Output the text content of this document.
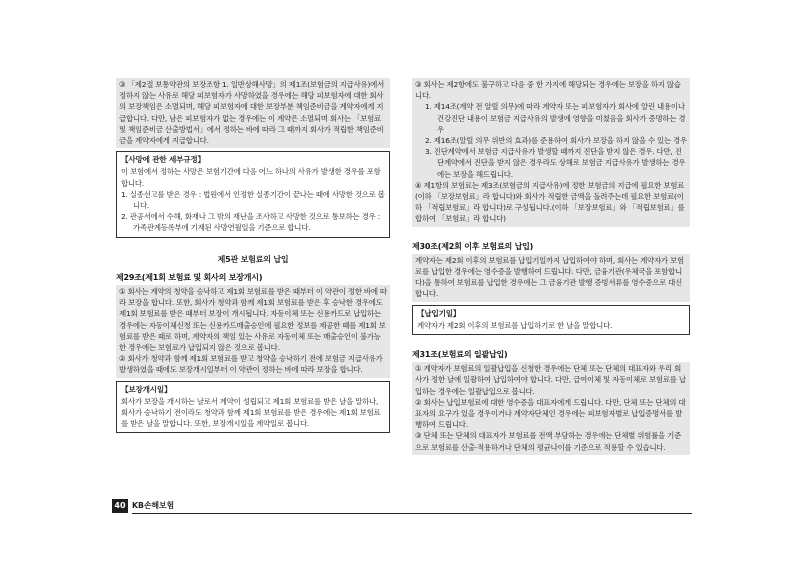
③ 「제2절 보통약관의 보장조항 1. 일반상해사망」의 제1조(보험금의 지급사유)에서 정하지 않는 사유로 해당 피보험자가 사망하였을 경우에는 해당 피보험자에 대한 회사의 보장책임은 소멸되며, 해당 피보험자에 대한 보장부분 책임준비금을 계약자에게 지급합니다. 다만, 남은 피보험자가 없는 경우에는 이 계약은 소멸되며 회사는 「보험료 및 책임준비금 산출방법서」에서 정하는 바에 따라 그 때까지 회사가 적립한 책임준비금을 계약자에게 지급합니다.

【사망에 관한 세부규정】

이 보험에서 정하는 사망은 보험기간에 다음 어느 하나의 사유가 발생한 경우를 포함합니다.

1. 실종선고를 받은 경우 : 법원에서 인정한 실종기간이 끝나는 때에 사망한 것으로 봅니다.
2. 관공서에서 수해, 화재나 그 밖의 재난을 조사하고 사망한 것으로 통보하는 경우 : 가족관계등록부에 기재된 사망연월일을 기준으로 합니다.
제5관 보험료의 납입
제29조(제1회 보험료 및 회사의 보장개시)

① 회사는 계약의 청약을 승낙하고 제1회 보험료를 받은 때부터 이 약관이 정한 바에 따라 보장을 합니다. 또한, 회사가 청약과 함께 제1회 보험료를 받은 후 승낙한 경우에도 제1회 보험료를 받은 때부터 보장이 개시됩니다. 자동이체 또는 신용카드로 납입하는 경우에는 자동이체신청 또는 신용카드매출승인에 필요한 정보를 제공한 때를 제1회 보험료를 받은 때로 하며, 계약자의 책임 있는 사유로 자동이체 또는 매출승인이 불가능한 경우에는 보험료가 납입되지 않은 것으로 봅니다.

② 회사가 청약과 함께 제1회 보험료를 받고 청약을 승낙하기 전에 보험금 지급사유가 발생하였을 때에도 보장개시일부터 이 약관이 정하는 바에 따라 보장을 합니다.

【보장개시일】

회사가 보장을 개시하는 날로서 계약이 성립되고 제1회 보험료를 받은 날을 말하나, 회사가 승낙하기 전이라도 청약과 함께 제1회 보험료를 받은 경우에는 제1회 보험료를 받은 날을 말합니다. 또한, 보장개시일을 계약일로 봅니다.

③ 회사는 제2항에도 불구하고 다음 중 한 가지에 해당되는 경우에는 보장을 하지 않습니다.

1. 제14조(계약 전 알릴 의무)에 따라 계약자 또는 피보험자가 회사에 알린 내용이나 건강진단 내용이 보험금 지급사유의 발생에 영향을 미쳤음을 회사가 증명하는 경우
2. 제16조(알릴 의무 위반의 효과)를 준용하여 회사가 보장을 하지 않을 수 있는 경우
3. 진단계약에서 보험금 지급사유가 발생할 때까지 진단을 받지 않은 경우. 다만, 진단계약에서 진단을 받지 않은 경우라도 상해로 보험금 지급사유가 발생하는 경우에는 보장을 해드립니다.

④ 제1항의 보험료는 제3조(보험금의 지급사유)에 정한 보험금의 지급에 필요한 보험료(이하 「보장보험료」라 합니다)와 회사가 적립한 금액을 돌려주는데 필요한 보험료(이하 「적립보험료」라 합니다)로 구성됩니다.(이하 「보장보험료」와 「적립보험료」를 합하여 「보험료」라 합니다)

제30조(제2회 이후 보험료의 납입)

계약자는 제2회 이후의 보험료를 납입기일까지 납입하여야 하며, 회사는 계약자가 보험료를 납입한 경우에는 영수증을 발행하여 드립니다. 다만, 금융기관(우체국을 포함합니다)을 통하여 보험료를 납입한 경우에는 그 금융기관 발행 증빙서류를 영수증으로 대신합니다.

【납입기일】

계약자가 제2회 이후의 보험료를 납입하기로 한 날을 말합니다.

제31조(보험료의 일괄납입)

① 계약자가 보험료의 일괄납입을 신청한 경우에는 단체 또는 단체의 대표자와 우리 회사가 정한 날에 일괄하여 납입하여야 합니다. 다만, 급여이체 및 자동이체로 보험료를 납입하는 경우에는 일괄납입으로 봅니다.

② 회사는 납입보험료에 대한 영수증을 대표자에게 드립니다. 다만, 단체 또는 단체의 대표자의 요구가 있을 경우이거나 계약자단체인 경우에는 피보험자별로 납입증명서를 발행하여 드립니다.

③ 단체 또는 단체의 대표자가 보험료를 전액 부담하는 경우에는 단체별 위험률을 기준으로 보험료를 산출·적용하거나 단체의 평균나이를 기준으로 적용할 수 있습니다.

40 KB손해보험
